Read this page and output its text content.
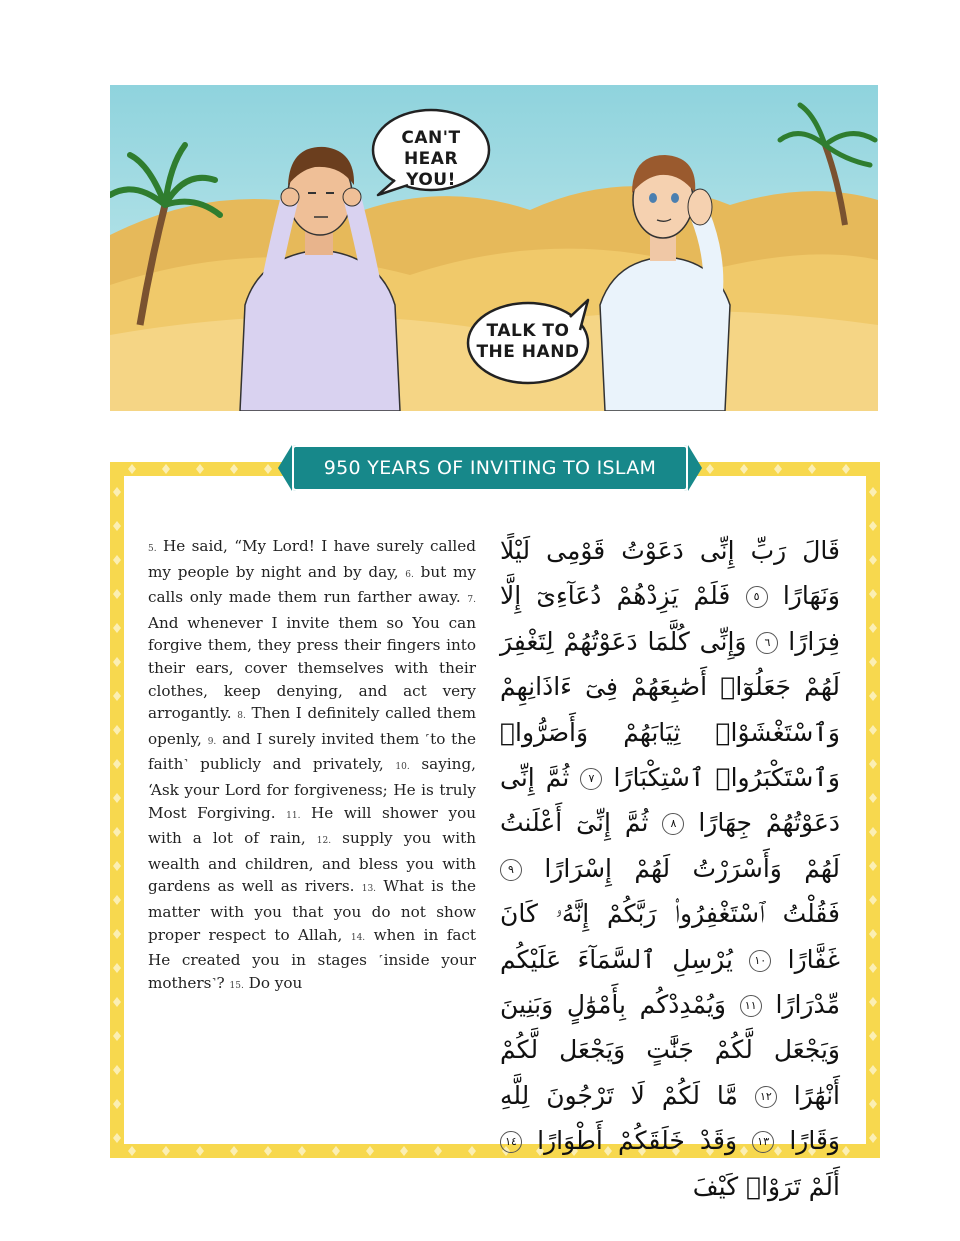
CAN'T HEAR
YOU!
TALK TO
THE HAND
950 YEARS OF INVITING TO ISLAM
5. He said, “My Lord! I have surely called my people by night and by day, 6. but my calls only made them run farther away. 7. And whenever I invite them so You can forgive them, they press their fingers into their ears, cover themselves with their clothes, keep denying, and act very arrogantly. 8. Then I definitely called them openly, 9. and I surely invited them ˹to the faith˺ publicly and privately, 10. saying, ‘Ask your Lord for forgiveness; He is truly Most Forgiving. 11. He will shower you with a lot of rain, 12. supply you with wealth and children, and bless you with gardens as well as rivers. 13. What is the matter with you that you do not show proper respect to Allah, 14. when in fact He created you in stages ˹inside your mothers˺? 15. Do you
قَالَ رَبِّ إِنِّى دَعَوْتُ قَوْمِى لَيْلًا وَنَهَارًا ٥ فَلَمْ يَزِدْهُمْ دُعَآءِىٓ إِلَّا فِرَارًا ٦ وَإِنِّى كُلَّمَا دَعَوْتُهُمْ لِتَغْفِرَ لَهُمْ جَعَلُوٓا۟ أَصَٰبِعَهُمْ فِىٓ ءَاذَانِهِمْ وَٱسْتَغْشَوْا۟ ثِيَابَهُمْ وَأَصَرُّوا۟ وَٱسْتَكْبَرُوا۟ ٱسْتِكْبَارًا ٧ ثُمَّ إِنِّى دَعَوْتُهُمْ جِهَارًا ٨ ثُمَّ إِنِّىٓ أَعْلَنتُ لَهُمْ وَأَسْرَرْتُ لَهُمْ إِسْرَارًا ٩ فَقُلْتُ ٱسْتَغْفِرُوا۟ رَبَّكُمْ إِنَّهُۥ كَانَ غَفَّارًا ١٠ يُرْسِلِ ٱلسَّمَآءَ عَلَيْكُم مِّدْرَارًا ١١ وَيُمْدِدْكُم بِأَمْوَٰلٍ وَبَنِينَ وَيَجْعَل لَّكُمْ جَنَّٰتٍ وَيَجْعَل لَّكُمْ أَنْهَٰرًا ١٢ مَّا لَكُمْ لَا تَرْجُونَ لِلَّهِ وَقَارًا ١٣ وَقَدْ خَلَقَكُمْ أَطْوَارًا ١٤ أَلَمْ تَرَوْا۟ كَيْفَ
